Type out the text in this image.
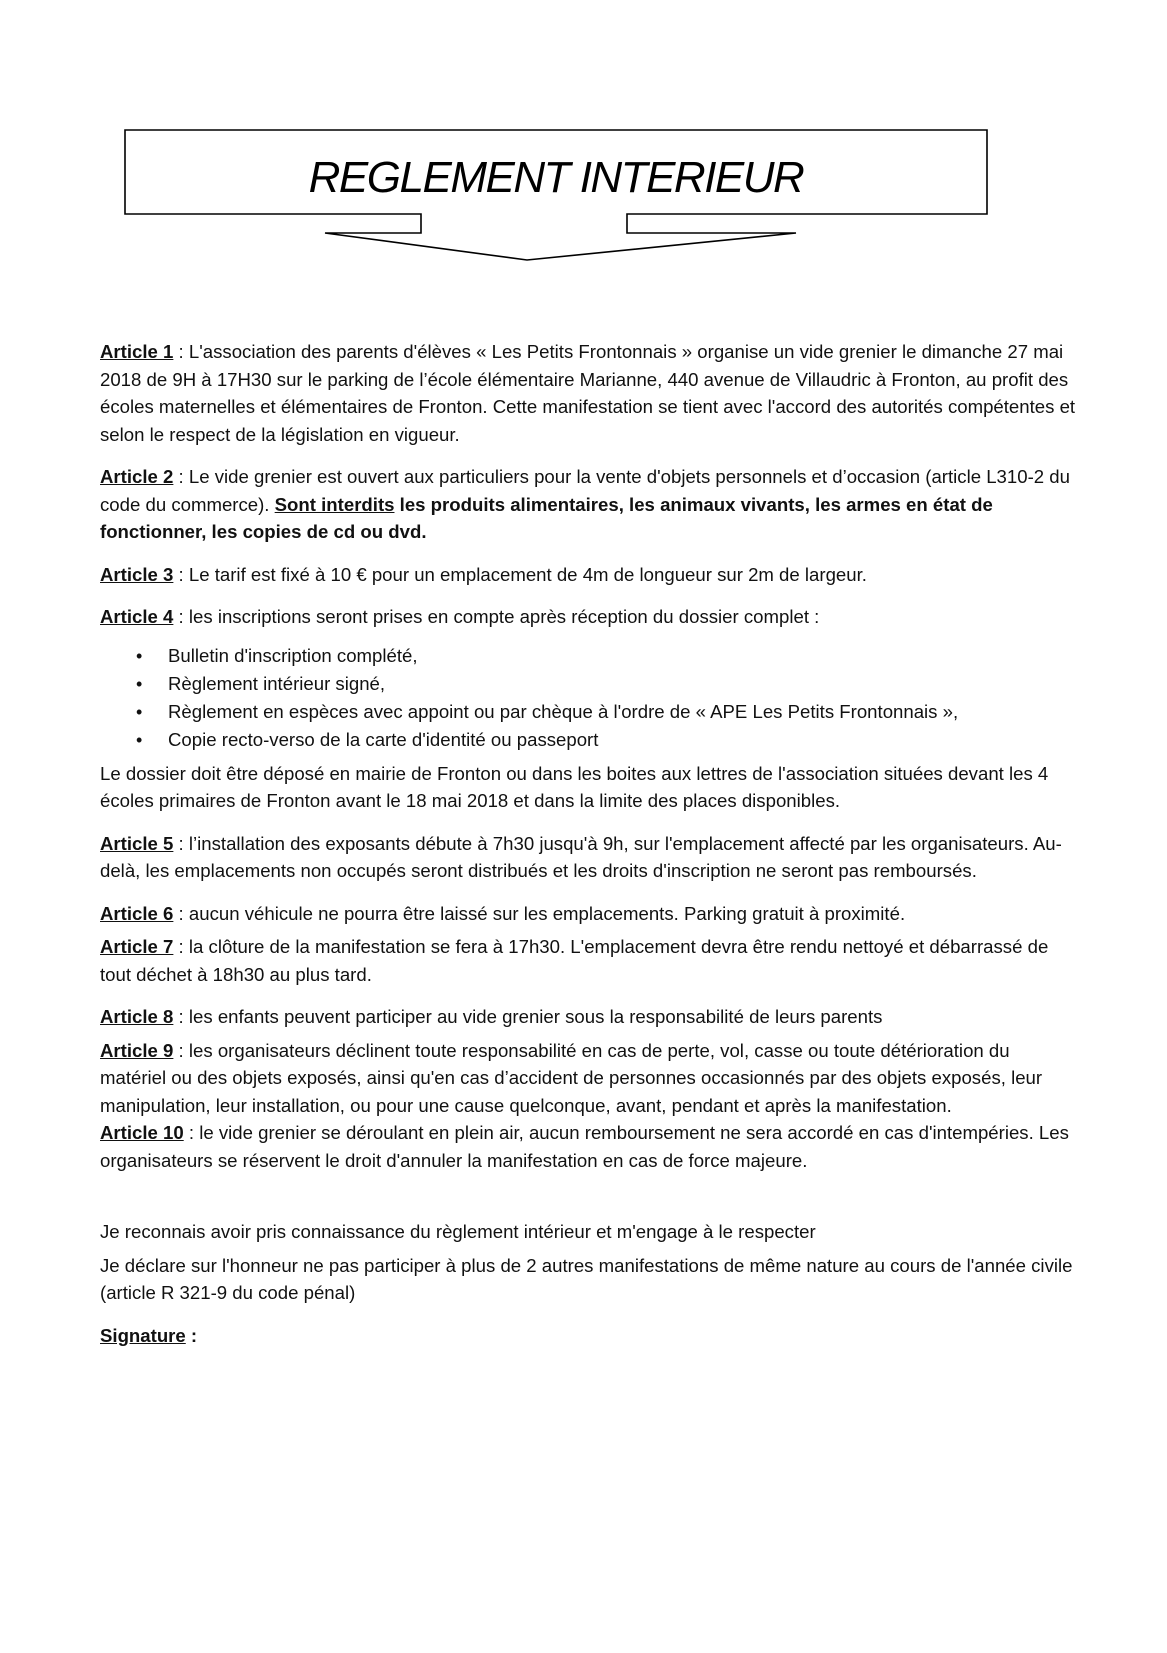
REGLEMENT INTERIEUR

Article 1 : L'association des parents d'élèves « Les Petits Frontonnais » organise un vide grenier le dimanche 27 mai 2018 de 9H à 17H30 sur le parking de l’école élémentaire Marianne, 440 avenue de Villaudric à Fronton, au profit des écoles maternelles et élémentaires de Fronton. Cette manifestation se tient avec l'accord des autorités compétentes et selon le respect de la législation en vigueur.

Article 2 : Le vide grenier est ouvert aux particuliers pour la vente d'objets personnels et d’occasion (article L310-2 du code du commerce). Sont interdits les produits alimentaires, les animaux vivants, les armes en état de fonctionner, les copies de cd ou dvd.

Article 3 : Le tarif est fixé à 10 € pour un emplacement de 4m de longueur sur 2m de largeur.

Article 4 : les inscriptions seront prises en compte après réception du dossier complet :

• Bulletin d'inscription complété,
• Règlement intérieur signé,
• Règlement en espèces avec appoint ou par chèque à l'ordre de « APE Les Petits Frontonnais »,
• Copie recto-verso de la carte d'identité ou passeport

Le dossier doit être déposé en mairie de Fronton ou dans les boites aux lettres de l'association situées devant les 4 écoles primaires de Fronton avant le 18 mai 2018 et dans la limite des places disponibles.

Article 5 : l’installation des exposants débute à 7h30 jusqu'à 9h, sur l'emplacement affecté par les organisateurs. Au-delà, les emplacements non occupés seront distribués et les droits d'inscription ne seront pas remboursés.

Article 6 : aucun véhicule ne pourra être laissé sur les emplacements. Parking gratuit à proximité.

Article 7 : la clôture de la manifestation se fera à 17h30. L'emplacement devra être rendu nettoyé et débarrassé de tout déchet à 18h30 au plus tard.

Article 8 : les enfants peuvent participer au vide grenier sous la responsabilité de leurs parents

Article 9 : les organisateurs déclinent toute responsabilité en cas de perte, vol, casse ou toute détérioration du matériel ou des objets exposés, ainsi qu'en cas d’accident de personnes occasionnés par des objets exposés, leur manipulation, leur installation, ou pour une cause quelconque, avant, pendant et après la manifestation.

Article 10 : le vide grenier se déroulant en plein air, aucun remboursement ne sera accordé en cas d'intempéries. Les organisateurs se réservent le droit d'annuler la manifestation en cas de force majeure.

Je reconnais avoir pris connaissance du règlement intérieur et m'engage à le respecter

Je déclare sur l'honneur ne pas participer à plus de 2 autres manifestations de même nature au cours de l'année civile (article R 321-9 du code pénal)

Signature :
